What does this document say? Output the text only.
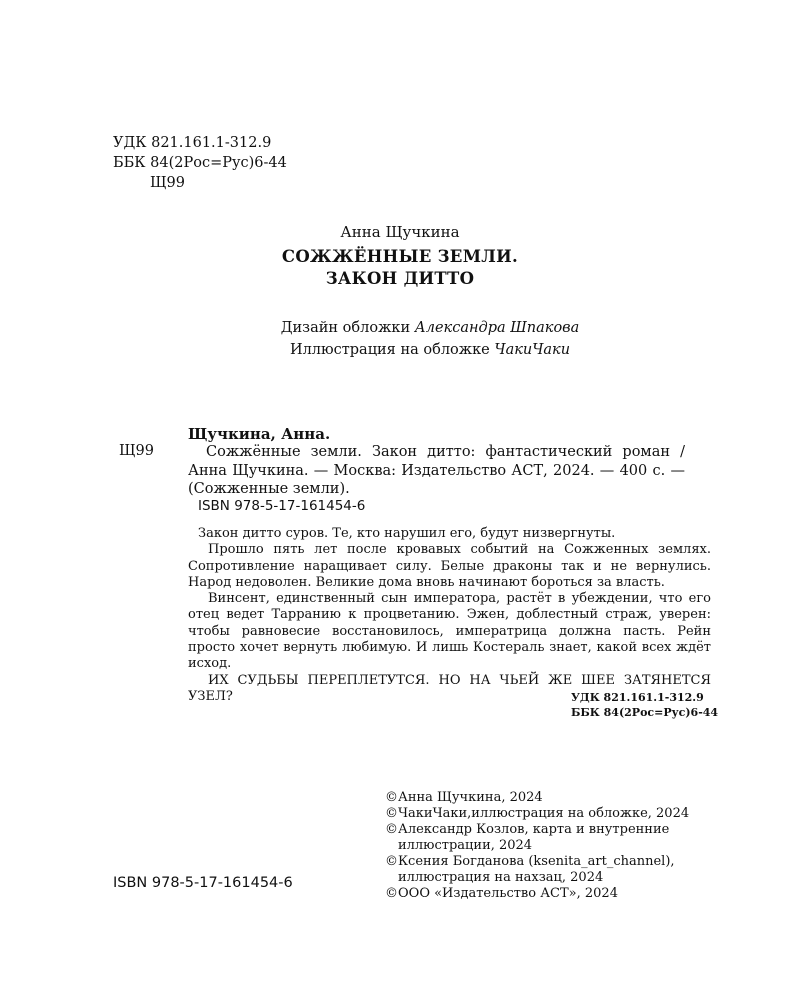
УДК 821.161.1-312.9
ББК 84(2Рос=Рус)6-44
Щ99
Анна Щучкина
СОЖЖЁННЫЕ ЗЕМЛИ.
ЗАКОН ДИТТО
Дизайн обложки Александра Шпакова
Иллюстрация на обложке ЧакиЧаки
Щучкина, Анна.
Щ99	Сожжённые земли. Закон дитто: фантастический роман / Анна Щучкина. — Москва: Издательство АСТ, 2024. — 400 с. — (Сожженные земли).
ISBN 978-5-17-161454-6

Закон дитто суров. Те, кто нарушил его, будут низвергнуты.

Прошло пять лет после кровавых событий на Сожженных землях. Сопротивление наращивает силу. Белые драконы так и не вернулись. Народ недоволен. Великие дома вновь начинают бороться за власть.

Винсент, единственный сын императора, растёт в убеждении, что его отец ведет Тарранию к процветанию. Эжен, доблестный страж, уверен: чтобы равновесие восстановилось, императрица должна пасть. Рейн просто хочет вернуть любимую. И лишь Костераль знает, какой всех ждёт исход.

ИХ СУДЬБЫ ПЕРЕПЛЕТУТСЯ. НО НА ЧЬЕЙ ЖЕ ШЕЕ ЗАТЯНЕТСЯ УЗЕЛ?	УДК 821.161.1-312.9
ББК 84(2Рос=Рус)6-44
ISBN 978-5-17-161454-6
© Анна Щучкина, 2024
© ЧакиЧаки,иллюстрация на обложке, 2024
© Александр Козлов, карта и внутренние
иллюстрации, 2024
© Ксения Богданова (ksenita_art_channel),
иллюстрация на нахзац, 2024
© ООО «Издательство АСТ», 2024
